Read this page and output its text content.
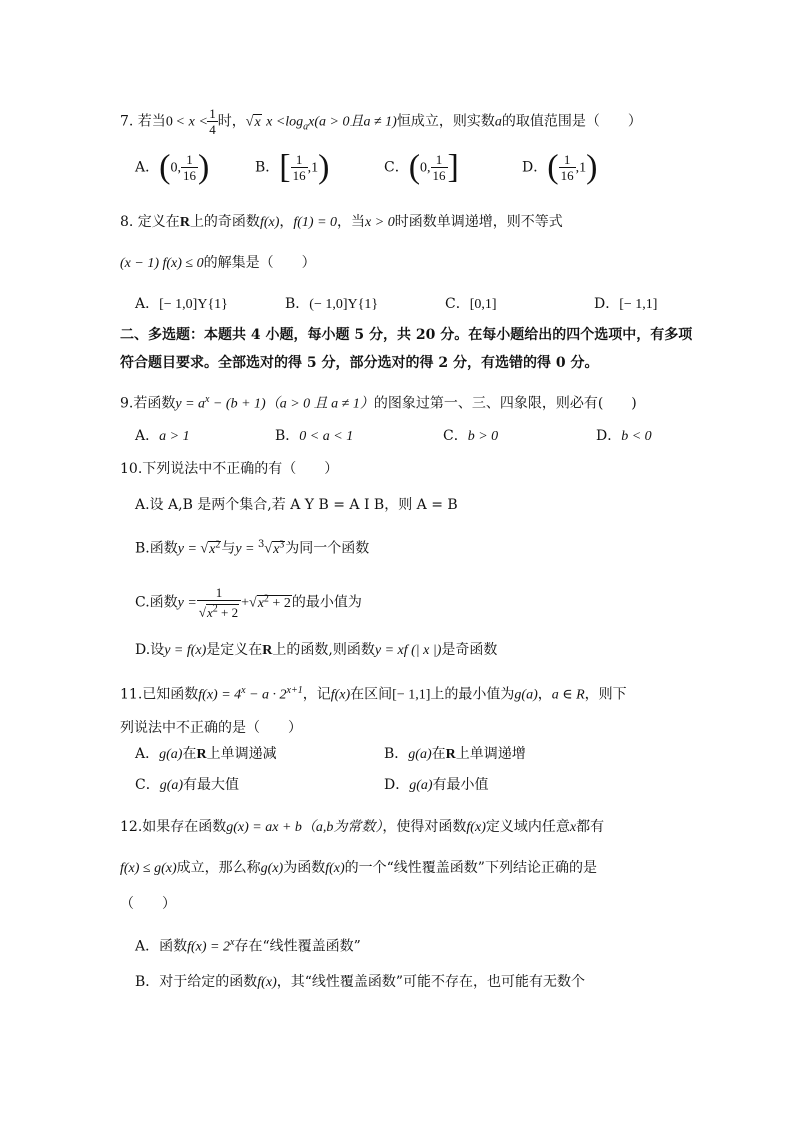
7. 若当$0 < x < \frac{1}{4}$ 时，√x $x <\log_ax(a > 0$且a ≠ 1)恒成立，则实数a的取值范围是（　　）
A．(0, $\frac{1}{16}$ )	B．[ $\frac{1}{16} ,1$)	C．(0, $\frac{1}{16}$ ]	D．( $\frac{1}{16} ,1$)
8. 定义在R上的奇函数f(x)，f(1) = 0，当x > 0时函数单调递增，则不等式
(x − 1) f(x) ≤ 0的解集是（　　）
A．[− 1,0]Y{1}	B．(− 1,0]Y{1}	C．[0,1]	D．[− 1,1]
二、多选题：本题共 4 小题，每小题 5 分，共 20 分。在每小题给出的四个选项中，有多项
符合题目要求。全部选对的得 5 分，部分选对的得 2 分，有选错的得 0 分。
9.若函数$y = a^x - (b + 1)(a > 0$ 且 a ≠ 1）的图象过第一、三、四象限，则必有(　　)
A．a > 1	B．0 < a < 1	C．b > 0	D．b < 0
10.下列说法中不正确的有（　　）
A.设 A,B 是两个集合,若 A Y B = A I B，则 A = B
B.函数$y = √x^2$与$y = ^3√x^3$为同一个函数
C.函数$y = \frac{1}{√x^2 + 2} +√x^2 + 2$的最小值为
D.设y = f(x)是定义在R上的函数,则函数y = xf (| x |)是奇函数
11.已知函数$f(x) = 4^x - a \cdot 2^{x+1}$，记f(x)在区间[− 1,1]上的最小值为g(a)，a ∈ R，则下
列说法中不正确的是（　　）
A．g(a)在R上单调递减	B．g(a)在R上单调递增
C．g(a)有最大值	D．g(a)有最小值
12.如果存在函数g(x) = ax + b（a,b为常数），使得对函数f(x)定义域内任意x都有
f(x) ≤ g(x)成立，那么称g(x)为函数f(x)的一个“线性覆盖函数”下列结论正确的是
（　　）
A．函数$f(x) = 2^x$存在“线性覆盖函数”
B．对于给定的函数f(x)，其“线性覆盖函数”可能不存在，也可能有无数个
